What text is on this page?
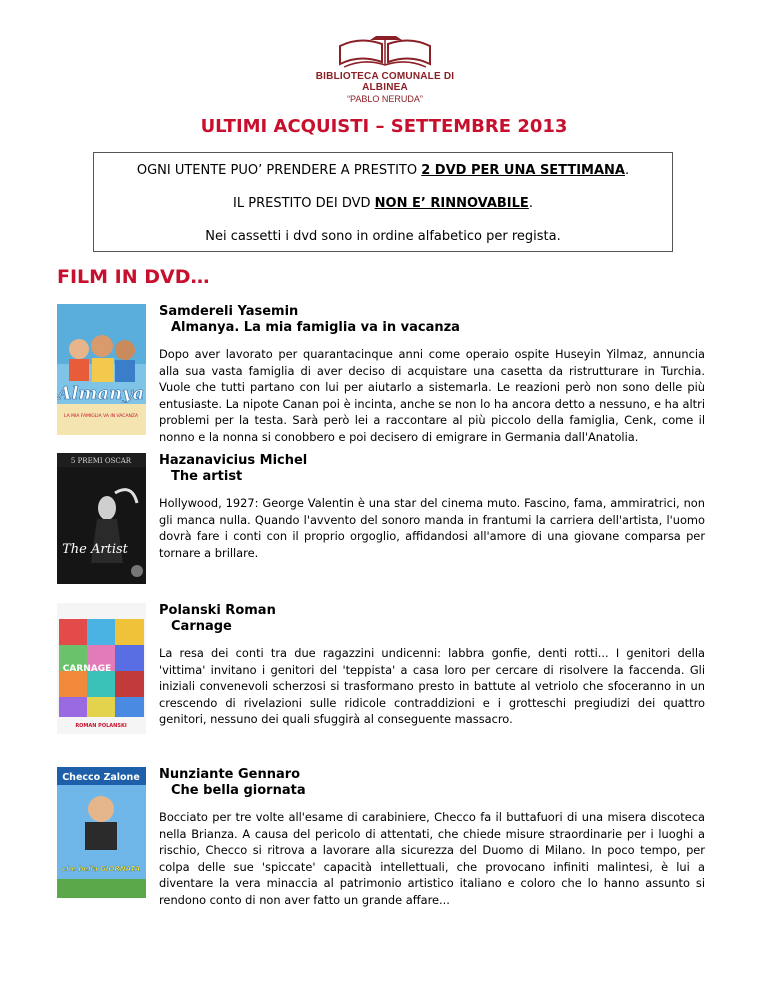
BIBLIOTECA COMUNALE DI ALBINEA
“PABLO NERUDA”
ULTIMI ACQUISTI – SETTEMBRE 2013

OGNI UTENTE PUO’ PRENDERE A PRESTITO 2 DVD PER UNA SETTIMANA.

IL PRESTITO DEI DVD NON E’ RINNOVABILE.

Nei cassetti i dvd sono in ordine alfabetico per regista.

FILM IN DVD…
Almanya
LA MIA FAMIGLIA VA IN VACANZA

Samdereli Yasemin

Almanya. La mia famiglia va in vacanza

Dopo aver lavorato per quarantacinque anni come operaio ospite Huseyin Yilmaz, annuncia alla sua vasta famiglia di aver deciso di acquistare una casetta da ristrutturare in Turchia. Vuole che tutti partano con lui per aiutarlo a sistemarla. Le reazioni però non sono delle più entusiaste. La nipote Canan poi è incinta, anche se non lo ha ancora detto a nessuno, e ha altri problemi per la testa. Sarà però lei a raccontare al più piccolo della famiglia, Cenk, come il nonno e la nonna si conobbero e poi decisero di emigrare in Germania dall'Anatolia.

5 PREMI OSCAR
The Artist

Hazanavicius Michel

The artist

Hollywood, 1927: George Valentin è una star del cinema muto. Fascino, fama, ammiratrici, non gli manca nulla. Quando l'avvento del sonoro manda in frantumi la carriera dell'artista, l'uomo dovrà fare i conti con il proprio orgoglio, affidandosi all'amore di una giovane comparsa per tornare a brillare.

CARNAGE
ROMAN POLANSKI

Polanski Roman

Carnage

La resa dei conti tra due ragazzini undicenni: labbra gonfie, denti rotti... I genitori della 'vittima' invitano i genitori del 'teppista' a casa loro per cercare di risolvere la faccenda. Gli iniziali convenevoli scherzosi si trasformano presto in battute al vetriolo che sfoceranno in un crescendo di rivelazioni sulle ridicole contraddizioni e i grotteschi pregiudizi dei quattro genitori, nessuno dei quali sfuggirà al conseguente massacro.

Checco Zalone
che bella GIORNATA

Nunziante Gennaro

Che bella giornata

Bocciato per tre volte all'esame di carabiniere, Checco fa il buttafuori di una misera discoteca nella Brianza. A causa del pericolo di attentati, che chiede misure straordinarie per i luoghi a rischio, Checco si ritrova a lavorare alla sicurezza del Duomo di Milano. In poco tempo, per colpa delle sue 'spiccate' capacità intellettuali, che provocano infiniti malintesi, è lui a diventare la vera minaccia al patrimonio artistico italiano e coloro che lo hanno assunto si rendono conto di non aver fatto un grande affare...
